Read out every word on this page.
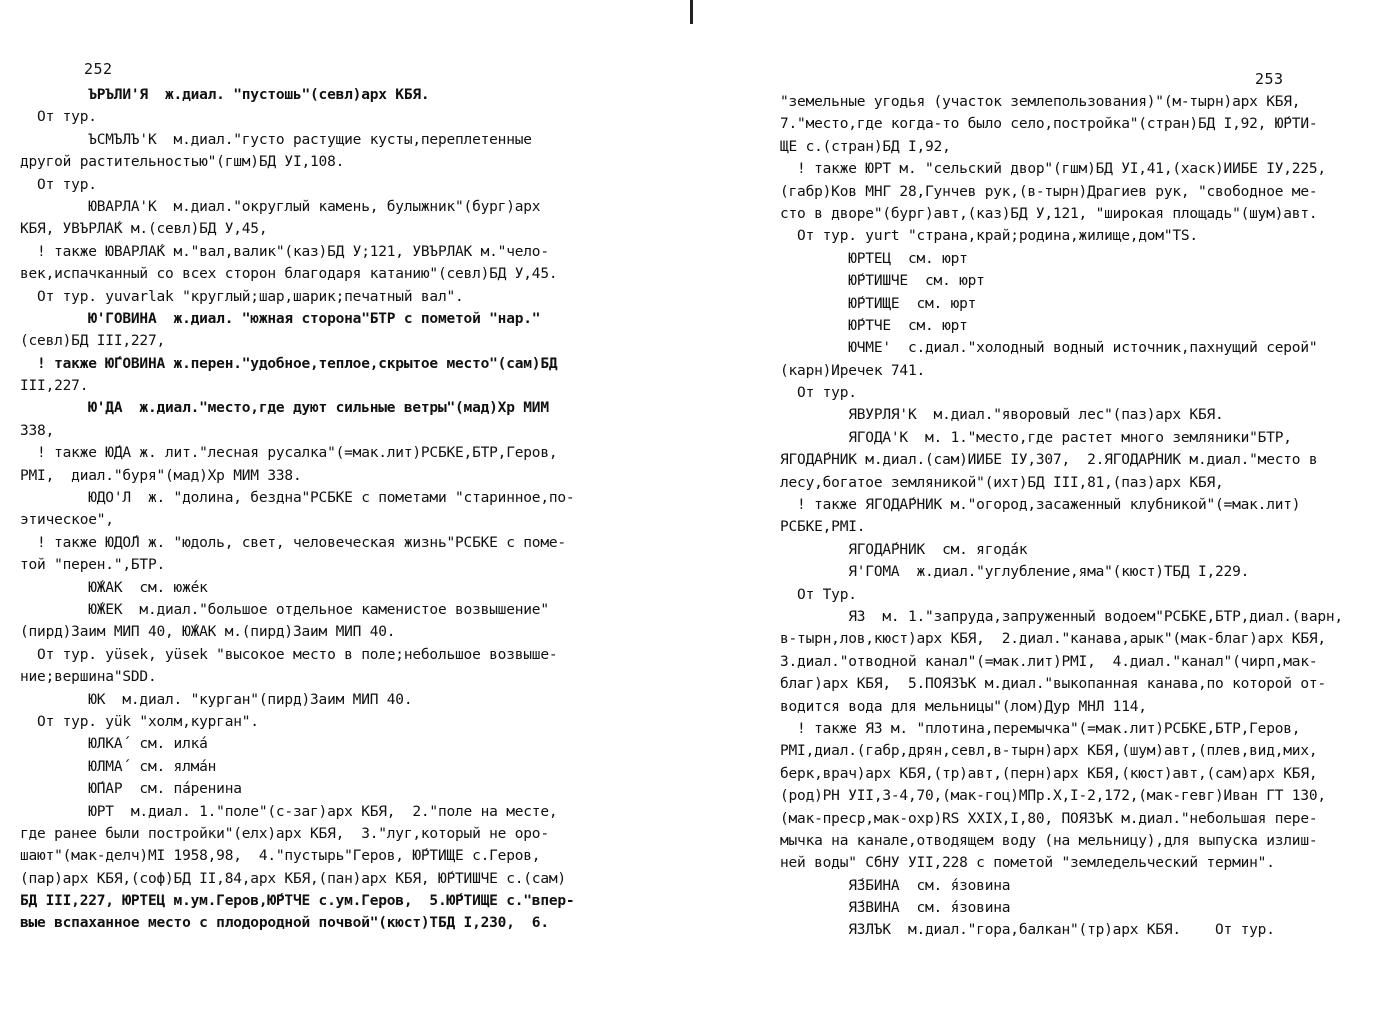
252
ЪРЪЛИ'Я  ж.диал. "пустошь"(севл)арх КБЯ.
От тур.
ЪСМЪЛЪ'К  м.диал."густо растущие кусты,переплетенные
другой растительностью"(гшм)БД УI,108.
От тур.
ЮВАРЛА'К  м.диал."округлый камень, булыжник"(бург)арх
КБЯ, УВЪРЛА́К м.(севл)БД У,45,
! также ЮВАРЛА́К м."вал,валик"(каз)БД У;121, УВЪРЛАК м."чело-
век,испачканный со всех сторон благодаря катанию"(севл)БД У,45.
От тур. yuvarlak "круглый;шар,шарик;печатный вал".
Ю'ГОВИНА  ж.диал. "южная сторона"БТР с пометой "нар."
(севл)БД III,227,
! также Ю́ГОВИНА ж.перен."удобное,теплое,скрытое место"(сам)БД
III,227.
Ю'ДА  ж.диал."место,где дуют сильные ветры"(мад)Хр МИМ
338,
! также Ю́ДА ж. лит."лесная русалка"(=мак.лит)РСБКЕ,БТР,Геров,
РМI,  диал."буря"(мад)Хр МИМ 338.
ЮДО'Л  ж. "долина, бездна"РСБКЕ с пометами "старинное,по-
этическое",
! также ЮДО́Л ж. "юдоль, свет, человеческая жизнь"РСБКЕ с поме-
той "перен.",БТР.
Ю́ЖАК  см. юже́к
Ю́ЖЕК  м.диал."большое отдельное каменистое возвышение"
(пирд)Заим МИП 40, Ю́ЖАК м.(пирд)Заим МИП 40.
От тур. yüsek, yüsek "высокое место в поле;небольшое возвыше-
ние;вершина"SDD.
ЮК  м.диал. "курган"(пирд)Заим МИП 40.
От тур. yük "холм,курган".
ЮЛКА́  см. илка́
ЮЛМА́  см. ялма́н
Ю́ПАР  см. па́ренина
ЮРТ  м.диал. 1."поле"(с-заг)арх КБЯ,  2."поле на месте,
где ранее были постройки"(елх)арх КБЯ,  3."луг,который не оро-
шают"(мак-делч)МI 1958,98,  4."пустырь"Геров, Ю́РТИЩЕ с.Геров,
(пар)арх КБЯ,(соф)БД II,84,арх КБЯ,(пан)арх КБЯ, Ю́РТИШЧЕ с.(сам)
БД III,227, ЮРТЕЦ м.ум.Геров,Ю́РТЧЕ с.ум.Геров,  5.Ю́РТИЩЕ с."впер-
вые вспаханное место с плодородной почвой"(кюст)ТБД I,230,  6.
253
"земельные угодья (участок землепользования)"(м-тырн)арх КБЯ,
7."место,где когда-то было село,постройка"(стран)БД I,92, Ю́РТИ-
ЩЕ с.(стран)БД I,92,
! также ЮРТ м. "сельский двор"(гшм)БД УI,41,(хаск)ИИБЕ IУ,225,
(габр)Ков МНГ 28,Гунчев рук,(в-тырн)Драгиев рук, "свободное ме-
сто в дворе"(бург)авт,(каз)БД У,121, "широкая площадь"(шум)авт.
От тур. yurt "страна,край;родина,жилище,дом"TS.
ЮРТЕЦ  см. юрт
Ю́РТИШЧЕ  см. юрт
Ю́РТИЩЕ  см. юрт
Ю́РТЧЕ  см. юрт
ЮЧМЕ'  с.диал."холодный водный источник,пахнущий серой"
(карн)Иречек 741.
От тур.
ЯВУРЛЯ'К  м.диал."яворовый лес"(паз)арх КБЯ.
ЯГОДА'К  м. 1."место,где растет много земляники"БТР,
ЯГОДА́РНИК м.диал.(сам)ИИБЕ IУ,307,  2.ЯГОДА́РНИК м.диал."место в
лесу,богатое земляникой"(ихт)БД III,81,(паз)арх КБЯ,
! также ЯГОДА́РНИК м."огород,засаженный клубникой"(=мак.лит)
РСБКЕ,РМI.
ЯГОДА́РНИК  см. ягода́к
Я'ГОМА  ж.диал."углубление,яма"(кюст)ТБД I,229.
От Тур.
ЯЗ  м. 1."запруда,запруженный водоем"РСБКЕ,БТР,диал.(варн,
в-тырн,лов,кюст)арх КБЯ,  2.диал."канава,арык"(мак-благ)арх КБЯ,
3.диал."отводной канал"(=мак.лит)РМI,  4.диал."канал"(чирп,мак-
благ)арх КБЯ,  5.ПОЯЗЪК м.диал."выкопанная канава,по которой от-
водится вода для мельницы"(лом)Дур МНЛ 114,
! также ЯЗ м. "плотина,перемычка"(=мак.лит)РСБКЕ,БТР,Геров,
РМI,диал.(габр,дрян,севл,в-тырн)арх КБЯ,(шум)авт,(плев,вид,мих,
берк,врач)арх КБЯ,(тр)авт,(перн)арх КБЯ,(кюст)авт,(сам)арх КБЯ,
(род)РН УII,3-4,70,(мак-гоц)МПр.X,I-2,172,(мак-гевг)Иван ГТ 130,
(мак-преср,мак-охр)RS XXIX,I,80, ПОЯЗЪК м.диал."небольшая пере-
мычка на канале,отводящем воду (на мельницу),для выпуска излиш-
ней воды" СбНУ УII,228 с пометой "земледельческий термин".
Я́ЗБИНА  см. я́зовина
Я́ЗВИНА  см. я́зовина
ЯЗЛЪК  м.диал."гора,балкан"(тр)арх КБЯ.    От тур.
